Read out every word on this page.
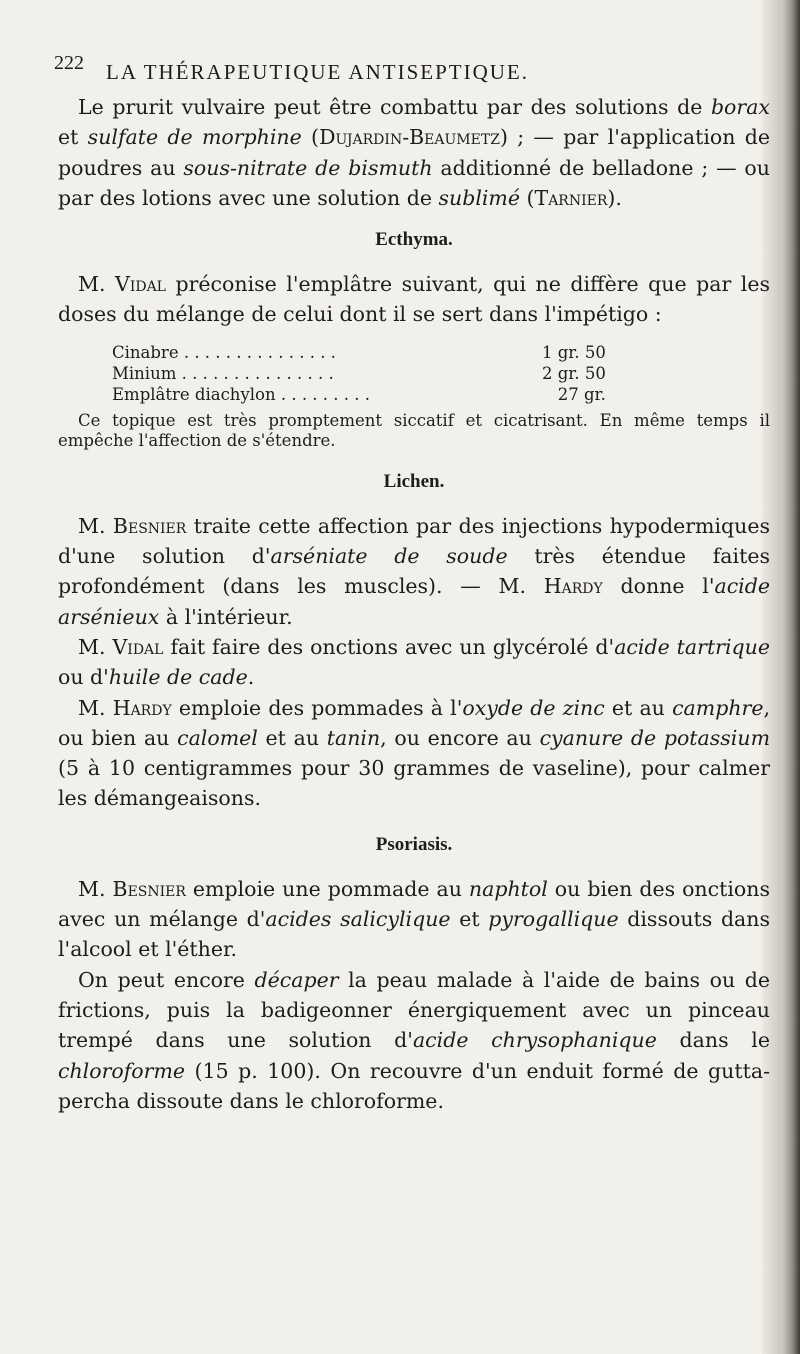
222 LA THÉRAPEUTIQUE ANTISEPTIQUE.

Le prurit vulvaire peut être combattu par des solutions de borax et sulfate de morphine (Dujardin-Beaumetz) ; — par l'application de poudres au sous-nitrate de bismuth additionné de belladone ; — ou par des lotions avec une solution de sublimé (Tarnier).

Ecthyma.

M. Vidal préconise l'emplâtre suivant, qui ne diffère que par les doses du mélange de celui dont il se sert dans l'impétigo :

Cinabre . . . . . . . . . . . . . . .	1 gr. 50
Minium . . . . . . . . . . . . . . .	2 gr. 50
Emplâtre diachylon . . . . . . . . .	27 gr.

Ce topique est très promptement siccatif et cicatrisant. En même temps il empêche l'affection de s'étendre.

Lichen.

M. Besnier traite cette affection par des injections hypodermiques d'une solution d'arséniate de soude très étendue faites profondément (dans les muscles). — M. Hardy donne l'acide arsénieux à l'intérieur.

M. Vidal fait faire des onctions avec un glycérolé d'acide tartrique ou d'huile de cade.

M. Hardy emploie des pommades à l'oxyde de zinc et au camphre, ou bien au calomel et au tanin, ou encore au cyanure de potassium (5 à 10 centigrammes pour 30 grammes de vaseline), pour calmer les démangeaisons.

Psoriasis.

M. Besnier emploie une pommade au naphtol ou bien des onctions avec un mélange d'acides salicylique et pyrogallique dissouts dans l'alcool et l'éther.

On peut encore décaper la peau malade à l'aide de bains ou de frictions, puis la badigeonner énergiquement avec un pinceau trempé dans une solution d'acide chrysophanique dans le chloroforme (15 p. 100). On recouvre d'un enduit formé de gutta-percha dissoute dans le chloroforme.
